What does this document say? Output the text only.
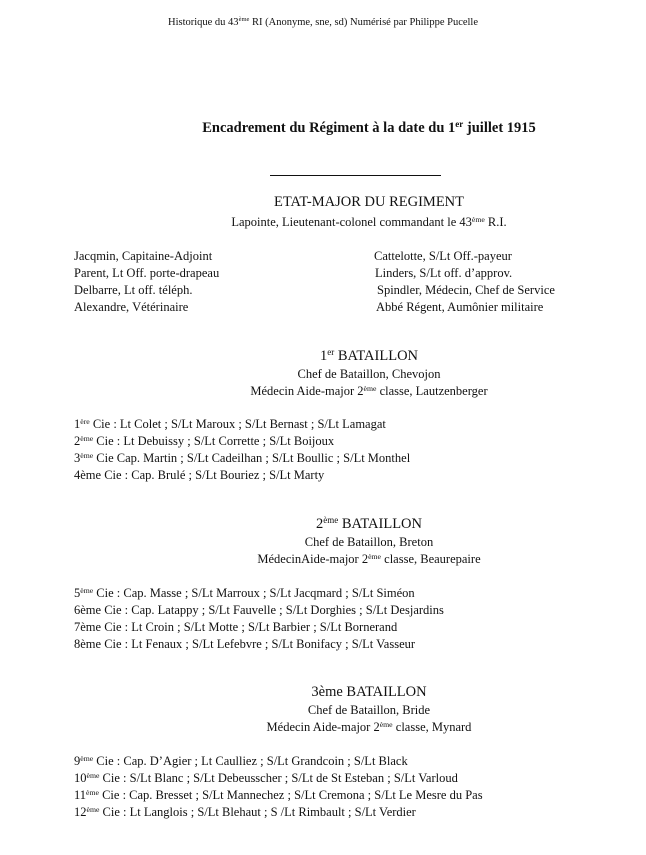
Historique du 43ème RI (Anonyme, sne, sd) Numérisé par Philippe Pucelle
Encadrement du Régiment à la date du 1er juillet 1915
ETAT-MAJOR DU REGIMENT
Lapointe, Lieutenant-colonel commandant le 43ème R.I.
Jacqmin, Capitaine-Adjoint
Parent, Lt Off. porte-drapeau
Delbarre, Lt off. téléph.
Alexandre, Vétérinaire
Cattelotte, S/Lt Off.-payeur
Linders, S/Lt off. d’approv.
Spindler, Médecin, Chef de Service
Abbé Régent, Aumônier militaire
1er BATAILLON
Chef de Bataillon, Chevojon
Médecin Aide-major 2ème classe, Lautzenberger
1ère Cie : Lt Colet ; S/Lt Maroux ; S/Lt Bernast ; S/Lt Lamagat
2ème Cie : Lt Debuissy ; S/Lt Corrette ; S/Lt Boijoux
3ème Cie Cap. Martin ; S/Lt Cadeilhan ; S/Lt Boullic ; S/Lt Monthel
4ème Cie : Cap. Brulé ; S/Lt Bouriez ; S/Lt Marty
2ème BATAILLON
Chef de Bataillon, Breton
MédecinAide-major 2ème classe, Beaurepaire
5ème Cie : Cap. Masse ; S/Lt Marroux ; S/Lt Jacqmard ; S/Lt Siméon
6ème Cie : Cap. Latappy ; S/Lt Fauvelle ; S/Lt Dorghies ; S/Lt Desjardins
7ème Cie : Lt Croin ; S/Lt Motte ; S/Lt Barbier ; S/Lt Bornerand
8ème Cie : Lt Fenaux ; S/Lt Lefebvre ; S/Lt Bonifacy ; S/Lt Vasseur
3ème BATAILLON
Chef de Bataillon, Bride
Médecin Aide-major 2ème classe, Mynard
9ème Cie : Cap. D’Agier ; Lt Caulliez ; S/Lt Grandcoin ; S/Lt Black
10ème Cie : S/Lt Blanc ; S/Lt Debeusscher ; S/Lt de St Esteban ; S/Lt Varloud
11ème Cie : Cap. Bresset ; S/Lt Mannechez ; S/Lt Cremona ; S/Lt Le Mesre du Pas
12ème Cie : Lt Langlois ; S/Lt Blehaut ; S /Lt Rimbault ; S/Lt Verdier
